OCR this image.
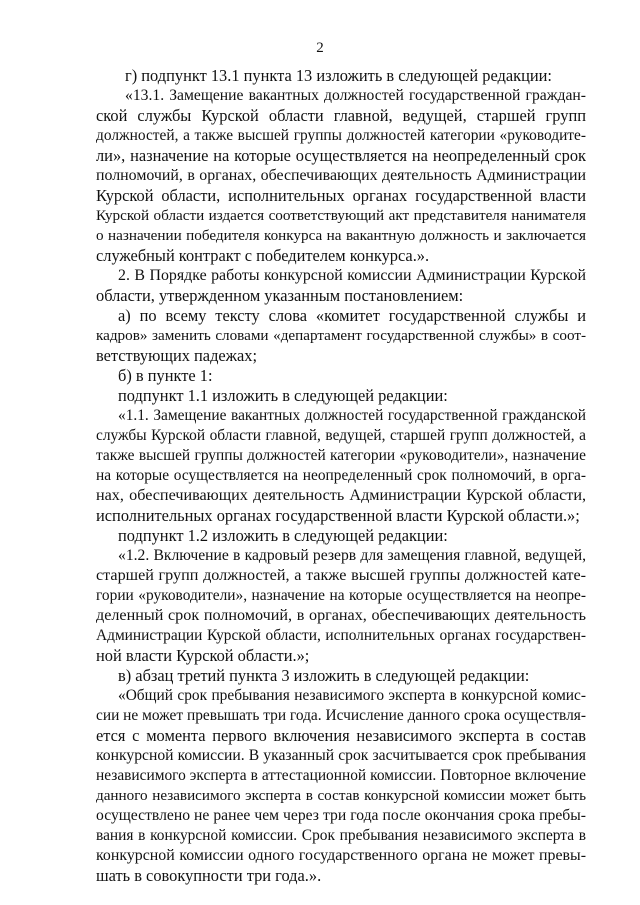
2
г) подпункт 13.1 пункта 13 изложить в следующей редакции:
«13.1. Замещение вакантных должностей государственной граждан-
ской службы Курской области главной, ведущей, старшей групп
должностей, а также высшей группы должностей категории «руководите-
ли», назначение на которые осуществляется на неопределенный срок
полномочий, в органах, обеспечивающих деятельность Администрации
Курской области, исполнительных органах государственной власти
Курской области издается соответствующий акт представителя нанимателя
о назначении победителя конкурса на вакантную должность и заключается
служебный контракт с победителем конкурса.».
2. В Порядке работы конкурсной комиссии Администрации Курской
области, утвержденном указанным постановлением:
а) по всему тексту слова «комитет государственной службы и
кадров» заменить словами «департамент государственной службы» в соот-
ветствующих падежах;
б) в пункте 1:
подпункт 1.1 изложить в следующей редакции:
«1.1. Замещение вакантных должностей государственной гражданской
службы Курской области главной, ведущей, старшей групп должностей, а
также высшей группы должностей категории «руководители», назначение
на которые осуществляется на неопределенный срок полномочий, в орга-
нах, обеспечивающих деятельность Администрации Курской области,
исполнительных органах государственной власти Курской области.»;
подпункт 1.2 изложить в следующей редакции:
«1.2. Включение в кадровый резерв для замещения главной, ведущей,
старшей групп должностей, а также высшей группы должностей кате-
гории «руководители», назначение на которые осуществляется на неопре-
деленный срок полномочий, в органах, обеспечивающих деятельность
Администрации Курской области, исполнительных органах государствен-
ной власти Курской области.»;
в) абзац третий пункта 3 изложить в следующей редакции:
«Общий срок пребывания независимого эксперта в конкурсной комис-
сии не может превышать три года. Исчисление данного срока осуществля-
ется с момента первого включения независимого эксперта в состав
конкурсной комиссии. В указанный срок засчитывается срок пребывания
независимого эксперта в аттестационной комиссии. Повторное включение
данного независимого эксперта в состав конкурсной комиссии может быть
осуществлено не ранее чем через три года после окончания срока пребы-
вания в конкурсной комиссии. Срок пребывания независимого эксперта в
конкурсной комиссии одного государственного органа не может превы-
шать в совокупности три года.».
